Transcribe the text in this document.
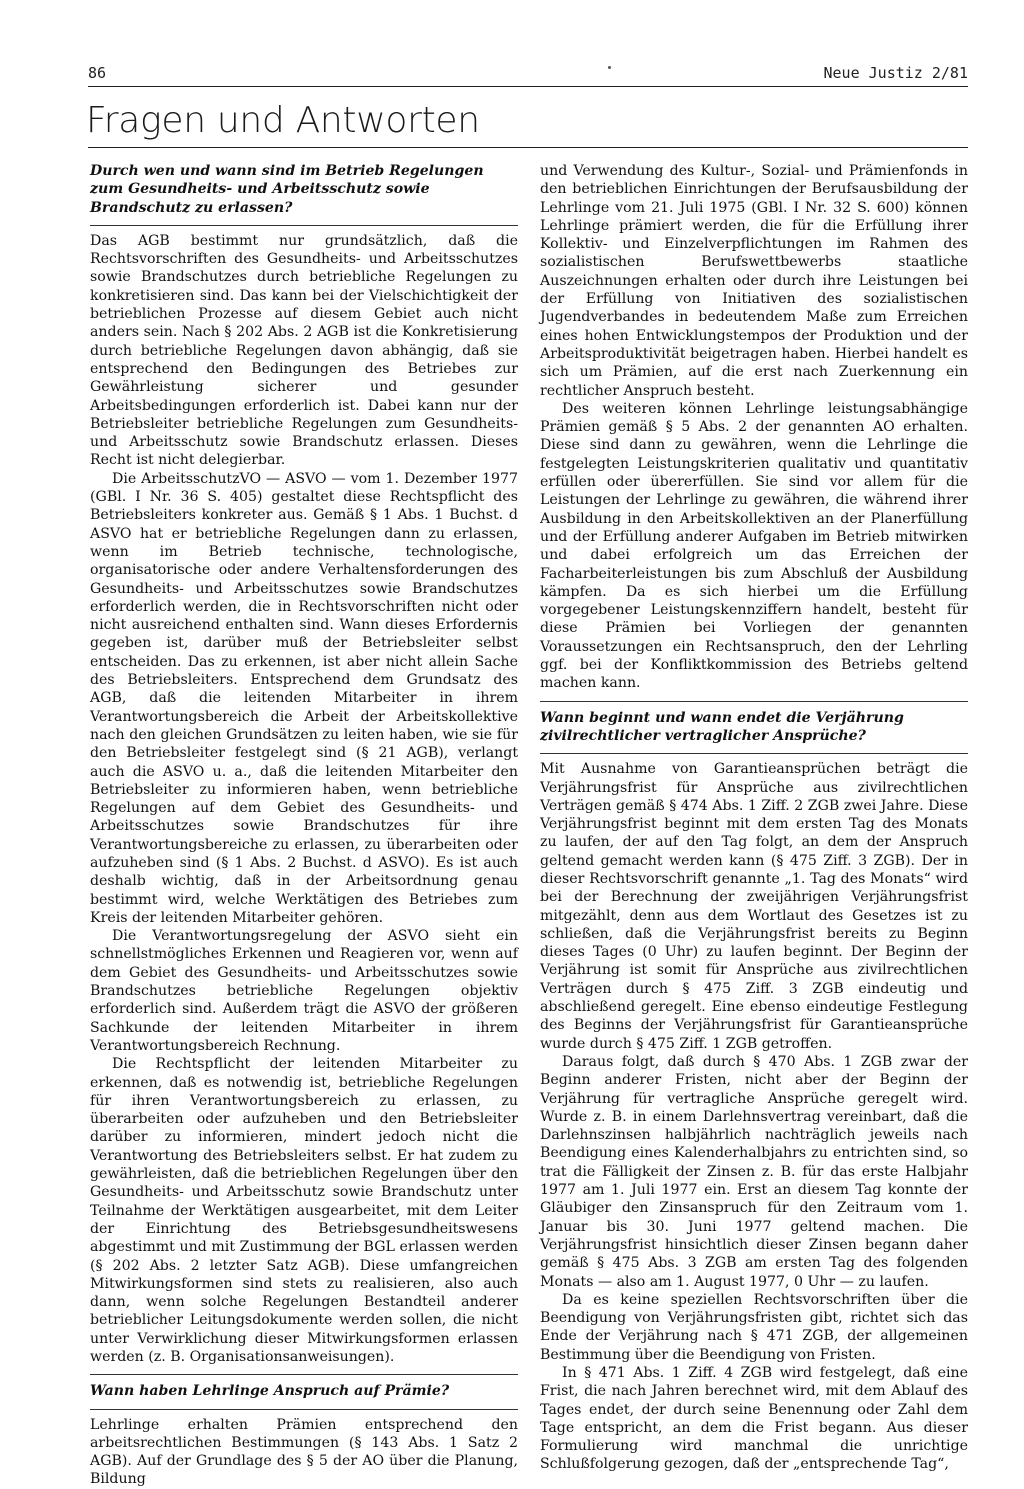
86	Neue Justiz 2/81
Fragen und Antworten
Durch wen und wann sind im Betrieb Regelungen zum Gesundheits- und Arbeitsschutz sowie Brandschutz zu erlassen?

Das AGB bestimmt nur grundsätzlich, daß die Rechtsvorschriften des Gesundheits- und Arbeitsschutzes sowie Brandschutzes durch betriebliche Regelungen zu konkretisieren sind. Das kann bei der Vielschichtigkeit der betrieblichen Prozesse auf diesem Gebiet auch nicht anders sein. Nach § 202 Abs. 2 AGB ist die Konkretisierung durch betriebliche Regelungen davon abhängig, daß sie entsprechend den Bedingungen des Betriebes zur Gewährleistung sicherer und gesunder Arbeitsbedingungen erforderlich ist. Dabei kann nur der Betriebsleiter betriebliche Regelungen zum Gesundheits- und Arbeitsschutz sowie Brandschutz erlassen. Dieses Recht ist nicht delegierbar.

Die ArbeitsschutzVO — ASVO — vom 1. Dezember 1977 (GBl. I Nr. 36 S. 405) gestaltet diese Rechtspflicht des Betriebsleiters konkreter aus. Gemäß § 1 Abs. 1 Buchst. d ASVO hat er betriebliche Regelungen dann zu erlassen, wenn im Betrieb technische, technologische, organisatorische oder andere Verhaltensforderungen des Gesundheits- und Arbeitsschutzes sowie Brandschutzes erforderlich werden, die in Rechtsvorschriften nicht oder nicht ausreichend enthalten sind. Wann dieses Erfordernis gegeben ist, darüber muß der Betriebsleiter selbst entscheiden. Das zu erkennen, ist aber nicht allein Sache des Betriebsleiters. Entsprechend dem Grundsatz des AGB, daß die leitenden Mitarbeiter in ihrem Verantwortungsbereich die Arbeit der Arbeitskollektive nach den gleichen Grundsätzen zu leiten haben, wie sie für den Betriebsleiter festgelegt sind (§ 21 AGB), verlangt auch die ASVO u. a., daß die leitenden Mitarbeiter den Betriebsleiter zu informieren haben, wenn betriebliche Regelungen auf dem Gebiet des Gesundheits- und Arbeitsschutzes sowie Brandschutzes für ihre Verantwortungsbereiche zu erlassen, zu überarbeiten oder aufzuheben sind (§ 1 Abs. 2 Buchst. d ASVO). Es ist auch deshalb wichtig, daß in der Arbeitsordnung genau bestimmt wird, welche Werktätigen des Betriebes zum Kreis der leitenden Mitarbeiter gehören.

Die Verantwortungsregelung der ASVO sieht ein schnellstmögliches Erkennen und Reagieren vor, wenn auf dem Gebiet des Gesundheits- und Arbeitsschutzes sowie Brandschutzes betriebliche Regelungen objektiv erforderlich sind. Außerdem trägt die ASVO der größeren Sachkunde der leitenden Mitarbeiter in ihrem Verantwortungsbereich Rechnung.

Die Rechtspflicht der leitenden Mitarbeiter zu erkennen, daß es notwendig ist, betriebliche Regelungen für ihren Verantwortungsbereich zu erlassen, zu überarbeiten oder aufzuheben und den Betriebsleiter darüber zu informieren, mindert jedoch nicht die Verantwortung des Betriebsleiters selbst. Er hat zudem zu gewährleisten, daß die betrieblichen Regelungen über den Gesundheits- und Arbeitsschutz sowie Brandschutz unter Teilnahme der Werktätigen ausgearbeitet, mit dem Leiter der Einrichtung des Betriebsgesundheitswesens abgestimmt und mit Zustimmung der BGL erlassen werden (§ 202 Abs. 2 letzter Satz AGB). Diese umfangreichen Mitwirkungsformen sind stets zu realisieren, also auch dann, wenn solche Regelungen Bestandteil anderer betrieblicher Leitungsdokumente werden sollen, die nicht unter Verwirklichung dieser Mitwirkungsformen erlassen werden (z. B. Organisationsanweisungen).

Wann haben Lehrlinge Anspruch auf Prämie?

Lehrlinge erhalten Prämien entsprechend den arbeitsrechtlichen Bestimmungen (§ 143 Abs. 1 Satz 2 AGB). Auf der Grundlage des § 5 der AO über die Planung, Bildung

und Verwendung des Kultur-, Sozial- und Prämienfonds in den betrieblichen Einrichtungen der Berufsausbildung der Lehrlinge vom 21. Juli 1975 (GBl. I Nr. 32 S. 600) können Lehrlinge prämiert werden, die für die Erfüllung ihrer Kollektiv- und Einzelverpflichtungen im Rahmen des sozialistischen Berufswettbewerbs staatliche Auszeichnungen erhalten oder durch ihre Leistungen bei der Erfüllung von Initiativen des sozialistischen Jugendverbandes in bedeutendem Maße zum Erreichen eines hohen Entwicklungstempos der Produktion und der Arbeitsproduktivität beigetragen haben. Hierbei handelt es sich um Prämien, auf die erst nach Zuerkennung ein rechtlicher Anspruch besteht.

Des weiteren können Lehrlinge leistungsabhängige Prämien gemäß § 5 Abs. 2 der genannten AO erhalten. Diese sind dann zu gewähren, wenn die Lehrlinge die festgelegten Leistungskriterien qualitativ und quantitativ erfüllen oder übererfüllen. Sie sind vor allem für die Leistungen der Lehrlinge zu gewähren, die während ihrer Ausbildung in den Arbeitskollektiven an der Planerfüllung und der Erfüllung anderer Aufgaben im Betrieb mitwirken und dabei erfolgreich um das Erreichen der Facharbeiterleistungen bis zum Abschluß der Ausbildung kämpfen. Da es sich hierbei um die Erfüllung vorgegebener Leistungskennziffern handelt, besteht für diese Prämien bei Vorliegen der genannten Voraussetzungen ein Rechtsanspruch, den der Lehrling ggf. bei der Konfliktkommission des Betriebs geltend machen kann.

Wann beginnt und wann endet die Verjährung zivilrechtlicher vertraglicher Ansprüche?

Mit Ausnahme von Garantieansprüchen beträgt die Verjährungsfrist für Ansprüche aus zivilrechtlichen Verträgen gemäß § 474 Abs. 1 Ziff. 2 ZGB zwei Jahre. Diese Verjährungsfrist beginnt mit dem ersten Tag des Monats zu laufen, der auf den Tag folgt, an dem der Anspruch geltend gemacht werden kann (§ 475 Ziff. 3 ZGB). Der in dieser Rechtsvorschrift genannte „1. Tag des Monats“ wird bei der Berechnung der zweijährigen Verjährungsfrist mitgezählt, denn aus dem Wortlaut des Gesetzes ist zu schließen, daß die Verjährungsfrist bereits zu Beginn dieses Tages (0 Uhr) zu laufen beginnt. Der Beginn der Verjährung ist somit für Ansprüche aus zivilrechtlichen Verträgen durch § 475 Ziff. 3 ZGB eindeutig und abschließend geregelt. Eine ebenso eindeutige Festlegung des Beginns der Verjährungsfrist für Garantieansprüche wurde durch § 475 Ziff. 1 ZGB getroffen.

Daraus folgt, daß durch § 470 Abs. 1 ZGB zwar der Beginn anderer Fristen, nicht aber der Beginn der Verjährung für vertragliche Ansprüche geregelt wird. Wurde z. B. in einem Darlehnsvertrag vereinbart, daß die Darlehnszinsen halbjährlich nachträglich jeweils nach Beendigung eines Kalenderhalbjahrs zu entrichten sind, so trat die Fälligkeit der Zinsen z. B. für das erste Halbjahr 1977 am 1. Juli 1977 ein. Erst an diesem Tag konnte der Gläubiger den Zinsanspruch für den Zeitraum vom 1. Januar bis 30. Juni 1977 geltend machen. Die Verjährungsfrist hinsichtlich dieser Zinsen begann daher gemäß § 475 Abs. 3 ZGB am ersten Tag des folgenden Monats — also am 1. August 1977, 0 Uhr — zu laufen.

Da es keine speziellen Rechtsvorschriften über die Beendigung von Verjährungsfristen gibt, richtet sich das Ende der Verjährung nach § 471 ZGB, der allgemeinen Bestimmung über die Beendigung von Fristen.

In § 471 Abs. 1 Ziff. 4 ZGB wird festgelegt, daß eine Frist, die nach Jahren berechnet wird, mit dem Ablauf des Tages endet, der durch seine Benennung oder Zahl dem Tage entspricht, an dem die Frist begann. Aus dieser Formulierung wird manchmal die unrichtige Schlußfolgerung gezogen, daß der „entsprechende Tag“,
